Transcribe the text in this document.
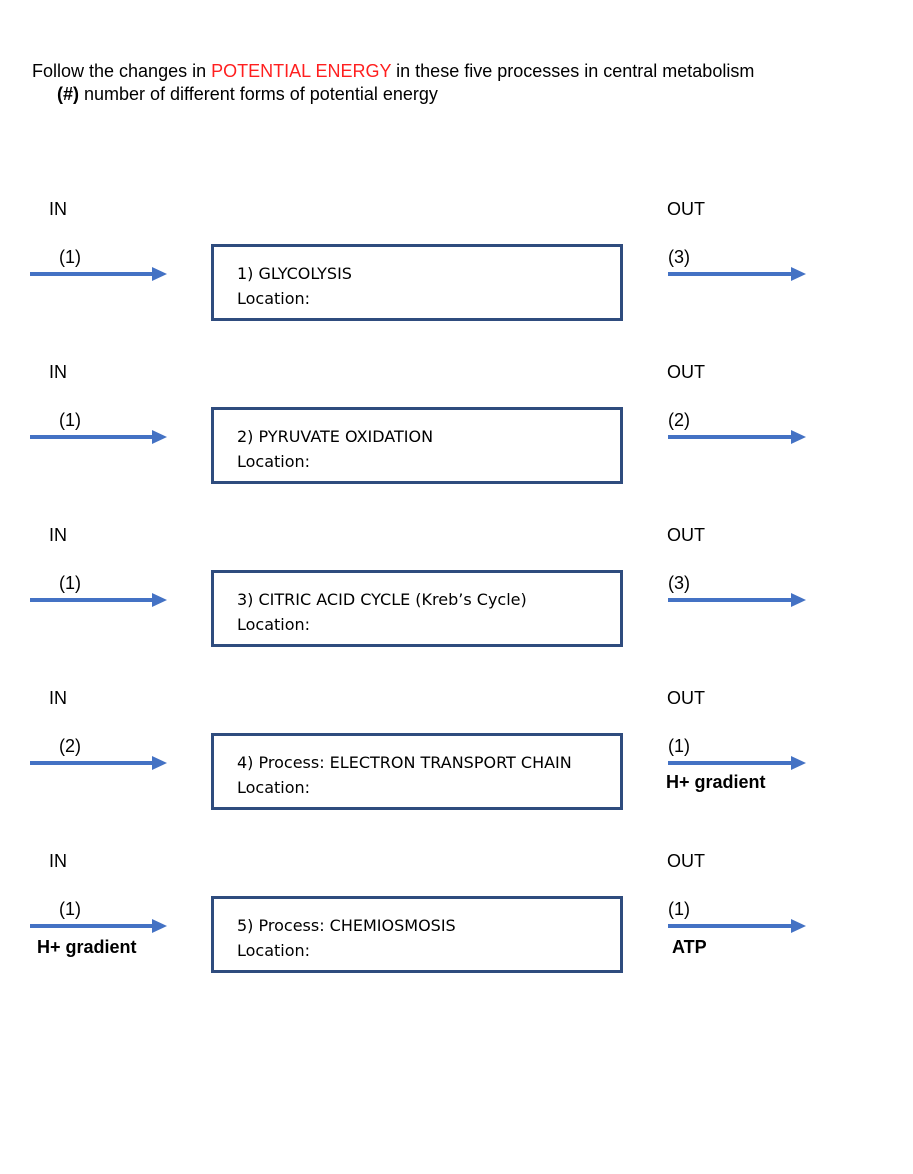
Follow the changes in POTENTIAL ENERGY in these five processes in central metabolism
(#) number of different forms of potential energy
IN	OUT
(1)	(3)
1) GLYCOLYSIS
Location:
IN	OUT
(1)	(2)
2) PYRUVATE OXIDATION
Location:
IN	OUT
(1)	(3)
3) CITRIC ACID CYCLE (Kreb’s Cycle)
Location:
IN	OUT
(2)	(1)
4) Process: ELECTRON TRANSPORT CHAIN
Location:	H+ gradient
IN	OUT
(1)	(1)
H+ gradient
5) Process: CHEMIOSMOSIS
Location:	ATP
